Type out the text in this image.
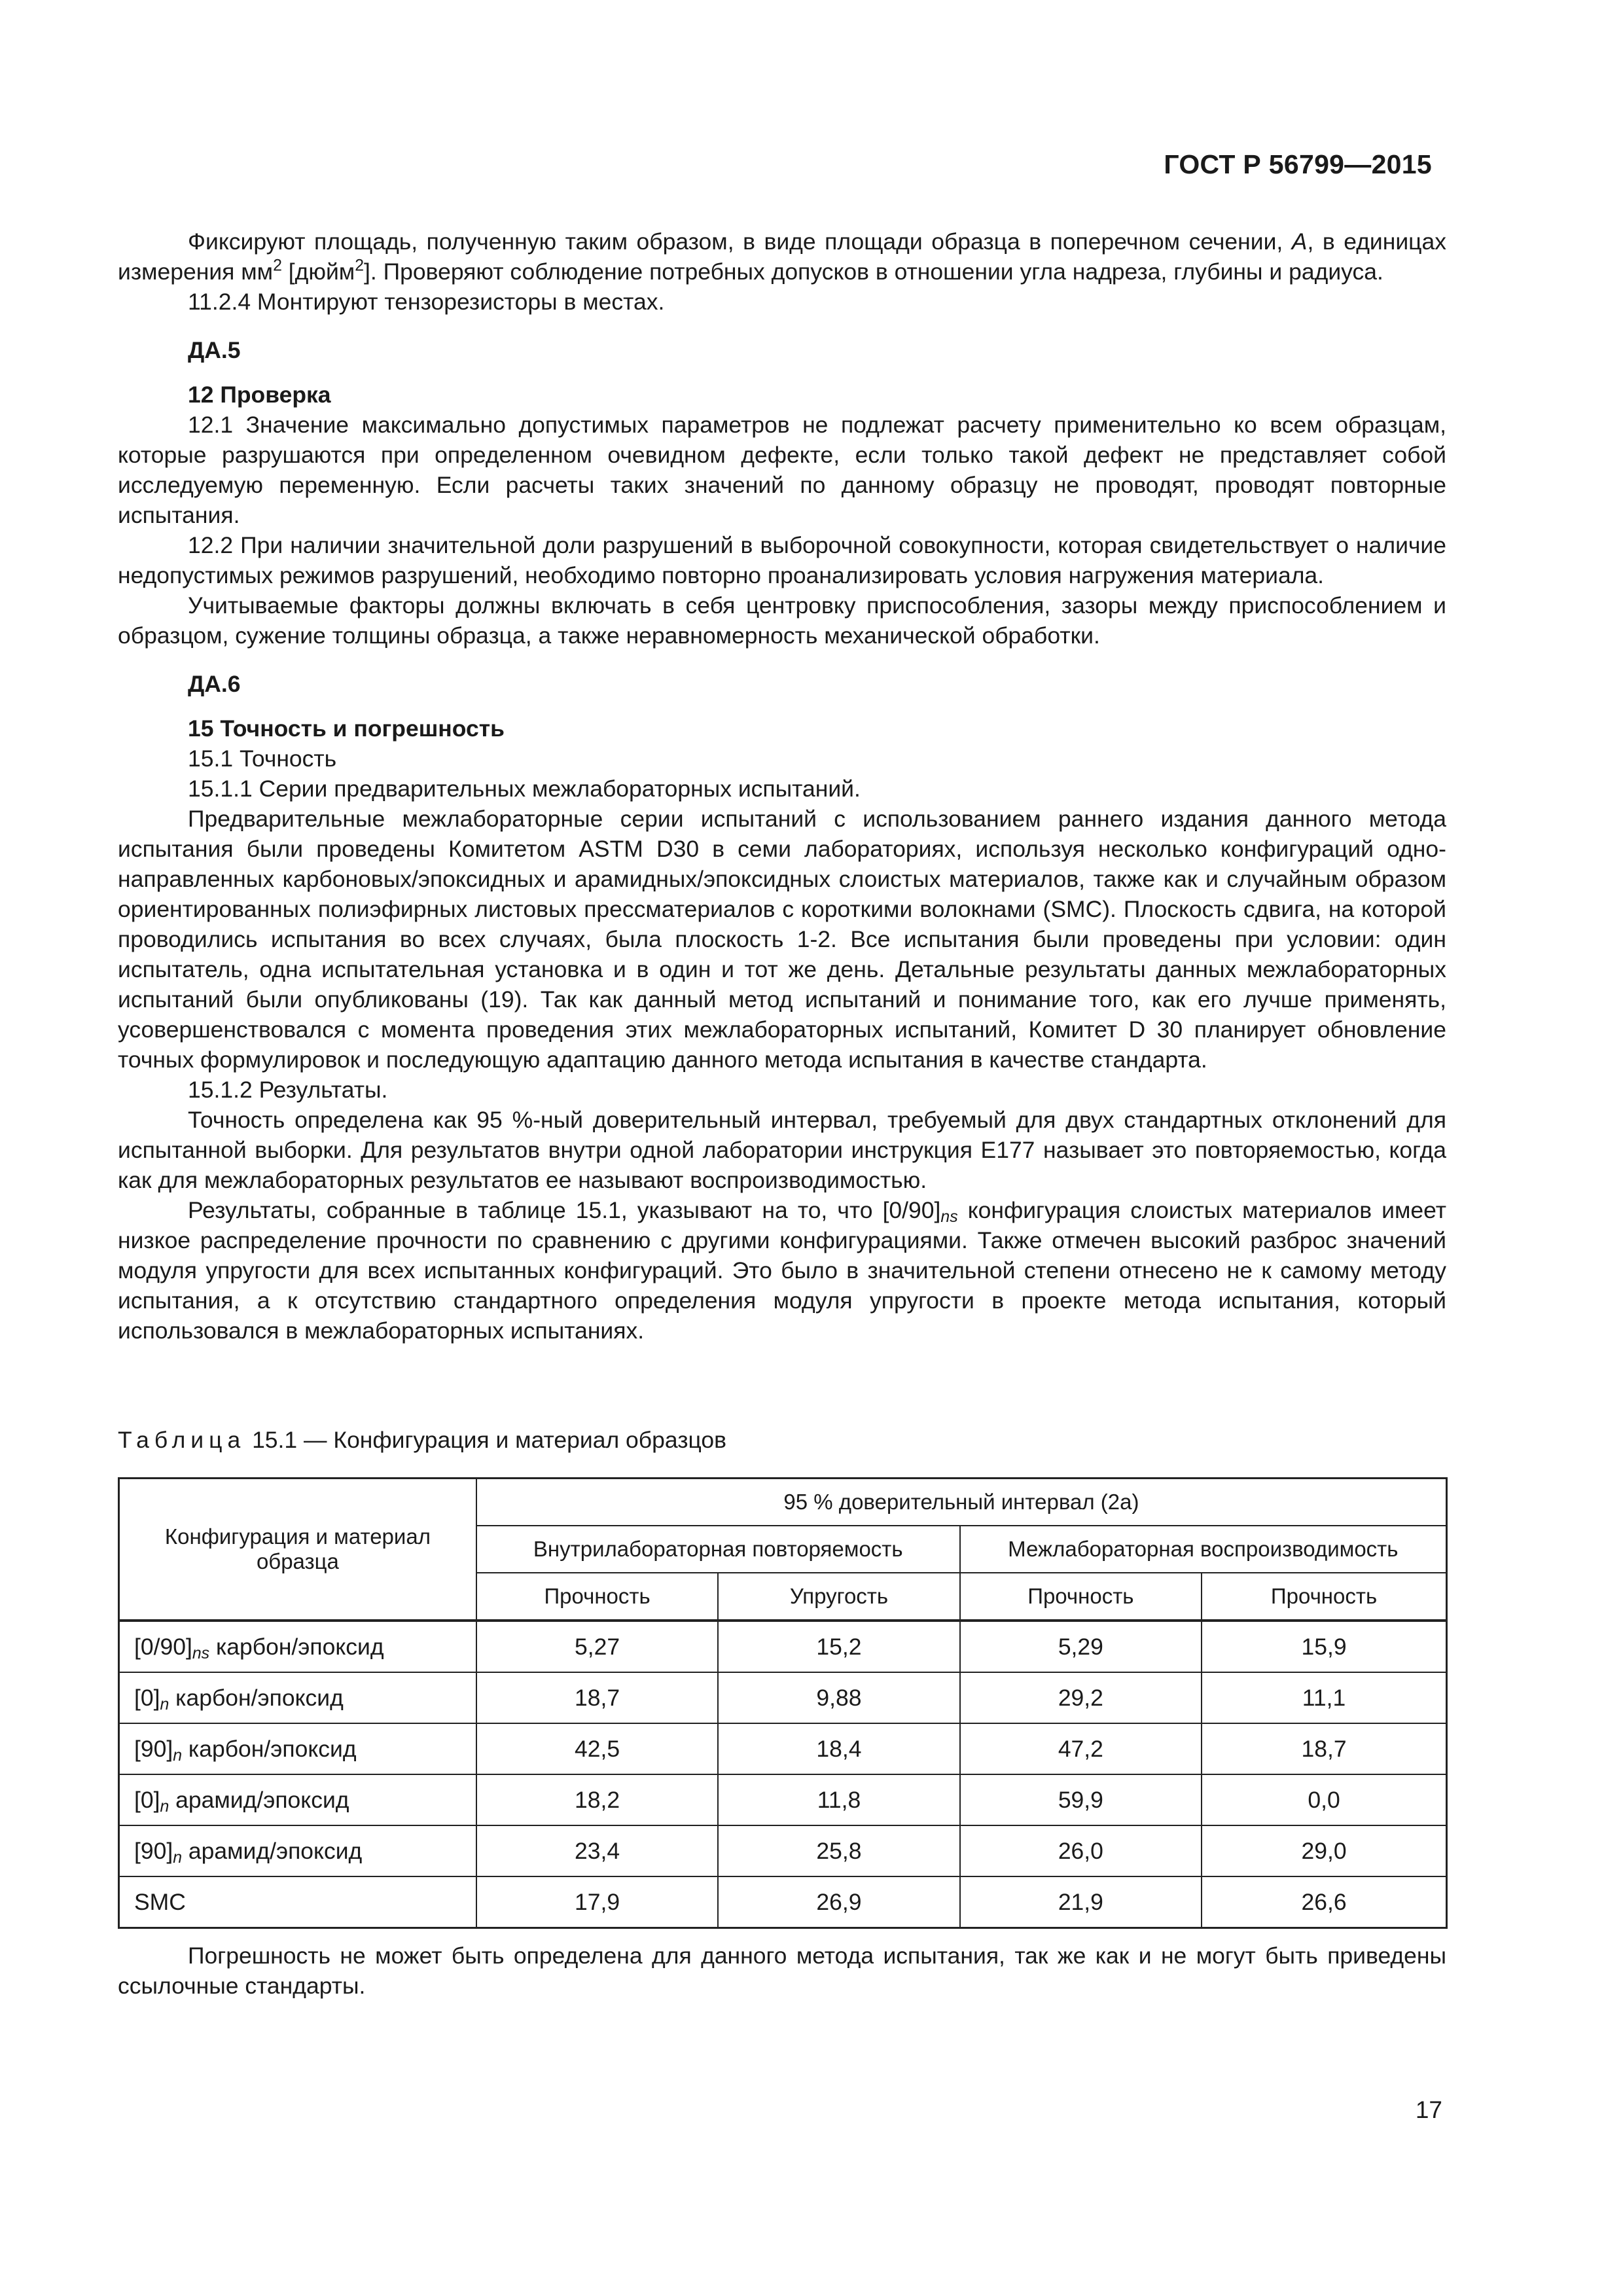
ГОСТ Р 56799—2015

Фиксируют площадь, полученную таким образом, в виде площади образца в поперечном сечении, A, в единицах измерения $мм^2$ [дюйм$^2$]. Проверяют соблюдение потребных допусков в отношении угла надреза, глубины и радиуса.

11.2.4 Монтируют тензорезисторы в местах.

ДА.5

12 Проверка

12.1 Значение максимально допустимых параметров не подлежат расчету применительно ко всем образцам, которые разрушаются при определенном очевидном дефекте, если только такой дефект не представляет собой исследуемую переменную. Если расчеты таких значений по данному образцу не проводят, проводят повторные испытания.

12.2 При наличии значительной доли разрушений в выборочной совокупности, которая свидетельствует о наличие недопустимых режимов разрушений, необходимо повторно проанализировать условия нагружения материала.

Учитываемые факторы должны включать в себя центровку приспособления, зазоры между приспособлением и образцом, сужение толщины образца, а также неравномерность механической обработки.

ДА.6

15 Точность и погрешность

15.1 Точность

15.1.1 Серии предварительных межлабораторных испытаний.

Предварительные межлабораторные серии испытаний с использованием раннего издания данного метода испытания были проведены Комитетом ASTM D30 в семи лабораториях, используя несколько конфигураций однонаправленных карбоновых/эпоксидных и арамидных/эпоксидных слоистых материалов, также как и случайным образом ориентированных полиэфирных листовых прессматериалов с короткими волокнами (SMC). Плоскость сдвига, на которой проводились испытания во всех случаях, была плоскость 1-2. Все испытания были проведены при условии: один испытатель, одна испытательная установка и в один и тот же день. Детальные результаты данных межлабораторных испытаний были опубликованы (19). Так как данный метод испытаний и понимание того, как его лучше применять, усовершенствовался с момента проведения этих межлабораторных испытаний, Комитет D 30 планирует обновление точных формулировок и последующую адаптацию данного метода испытания в качестве стандарта.

15.1.2 Результаты.

Точность определена как 95 %-ный доверительный интервал, требуемый для двух стандартных отклонений для испытанной выборки. Для результатов внутри одной лаборатории инструкция E177 называет это повторяемостью, когда как для межлабораторных результатов ее называют воспроизводимостью.

Результаты, собранные в таблице 15.1, указывают на то, что $[0/90]_{ns}$ конфигурация слоистых материалов имеет низкое распределение прочности по сравнению с другими конфигурациями. Также отмечен высокий разброс значений модуля упругости для всех испытанных конфигураций. Это было в значительной степени отнесено не к самому методу испытания, а к отсутствию стандартного определения модуля упругости в проекте метода испытания, который использовался в межлабораторных испытаниях.

Таблица 15.1 — Конфигурация и материал образцов
Конфигурация и материал образца	95 % доверительный интервал (2а)			
	Внутрилабораторная повторяемость		Межлабораторная воспроизводимость	
	Прочность	Упругость	Прочность	Прочность
$[0/90]_{ns}$ карбон/эпоксид	5,27	15,2	5,29	15,9
$[0]_n$ карбон/эпоксид	18,7	9,88	29,2	11,1
$[90]_n$ карбон/эпоксид	42,5	18,4	47,2	18,7
$[0]_n$ арамид/эпоксид	18,2	11,8	59,9	0,0
$[90]_n$ арамид/эпоксид	23,4	25,8	26,0	29,0
SMC	17,9	26,9	21,9	26,6

Погрешность не может быть определена для данного метода испытания, так же как и не могут быть приведены ссылочные стандарты.

17
